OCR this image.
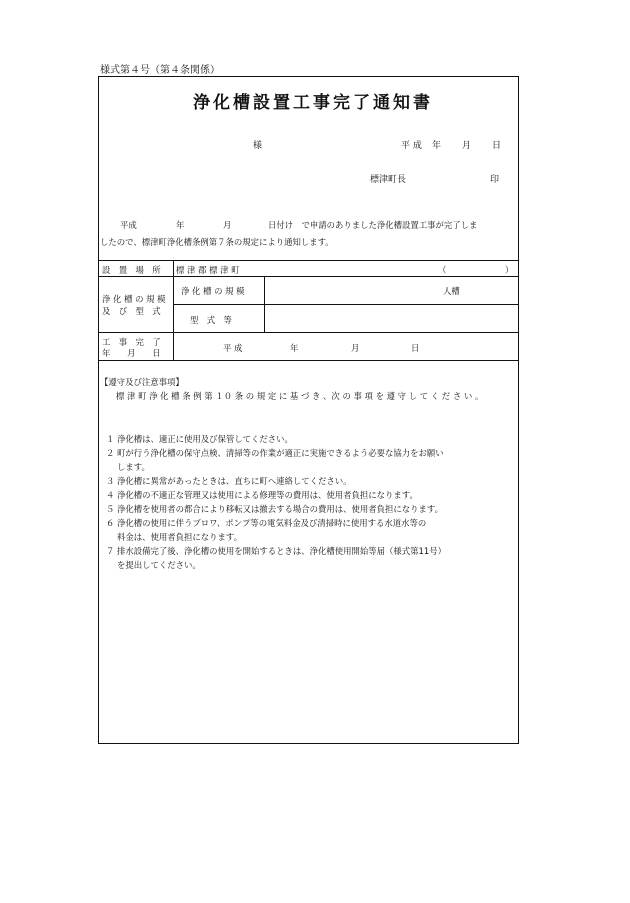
様式第４号（第４条関係）
浄化槽設置工事完了通知書
様	平 成 年 月 日
標津町長	印
平成	年	月	日付け　で申請のありました浄化槽設置工事が完了しま
したので、標津町浄化槽条例第７条の規定により通知します。
設　置　場　所 標 津 郡 標 津 町	（	）
浄 化 槽 の 規 模
及　び　型　式
浄 化 槽 の 規 模	人槽
型　式　等
工　事　完　了
年　　月　　日	平 成	年	月	日
【遵守及び注意事項】
標 津 町 浄 化 槽 条 例 第 １０ 条 の 規 定 に 基 づ き 、次 の 事 項 を 遵 守 し て く だ さ い 。
１ 浄化槽は、適正に使用及び保管してください。
２ 町が行う浄化槽の保守点検、清掃等の作業が適正に実施できるよう必要な協力をお願い
　 します。
３ 浄化槽に異常があったときは、直ちに町へ連絡してください。
４ 浄化槽の不適正な管理又は使用による修理等の費用は、使用者負担になります。
５ 浄化槽を使用者の都合により移転又は撤去する場合の費用は、使用者負担になります。
６ 浄化槽の使用に伴うブロワ、ポンプ等の電気料金及び清掃時に使用する水道水等の
　 料金は、使用者負担になります。
７ 排水設備完了後、浄化槽の使用を開始するときは、浄化槽使用開始等届（様式第11号）
　 を提出してください。
